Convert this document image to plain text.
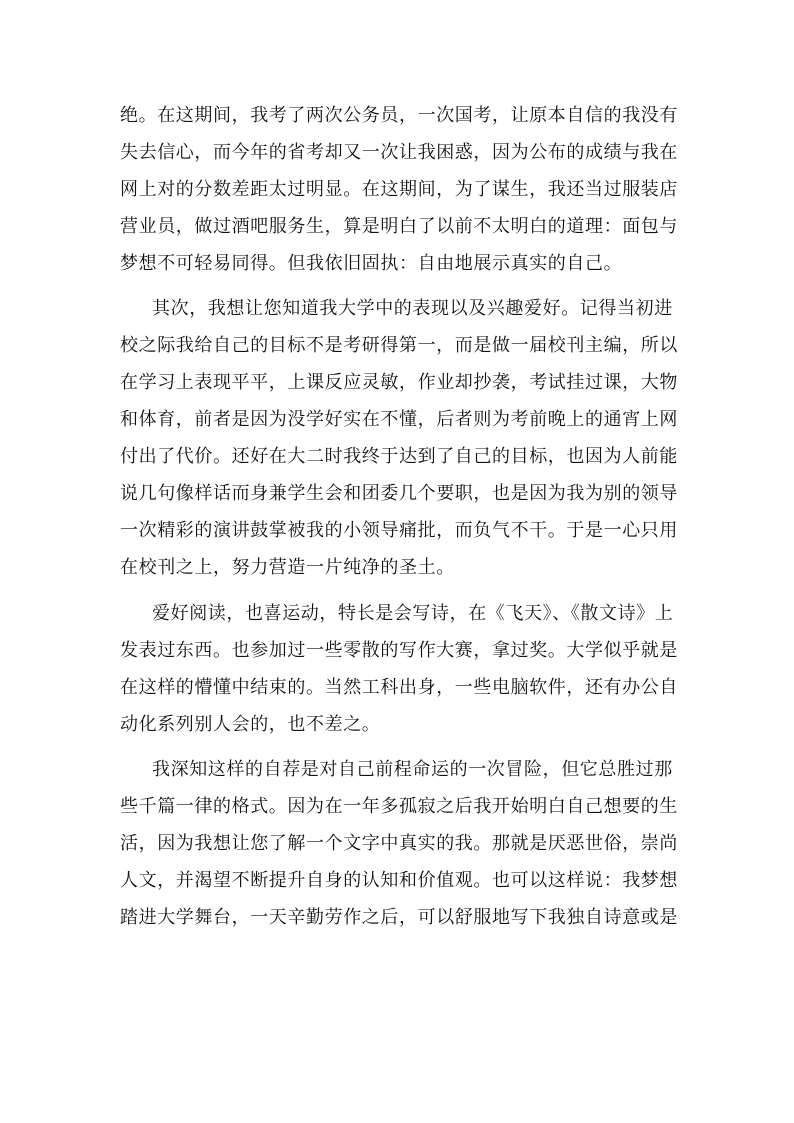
绝。在这期间，我考了两次公务员，一次国考，让原本自信的我没有
失去信心，而今年的省考却又一次让我困惑，因为公布的成绩与我在
网上对的分数差距太过明显。在这期间，为了谋生，我还当过服装店
营业员，做过酒吧服务生，算是明白了以前不太明白的道理：面包与
梦想不可轻易同得。但我依旧固执：自由地展示真实的自己。
其次，我想让您知道我大学中的表现以及兴趣爱好。记得当初进
校之际我给自己的目标不是考研得第一，而是做一届校刊主编，所以
在学习上表现平平，上课反应灵敏，作业却抄袭，考试挂过课，大物
和体育，前者是因为没学好实在不懂，后者则为考前晚上的通宵上网
付出了代价。还好在大二时我终于达到了自己的目标，也因为人前能
说几句像样话而身兼学生会和团委几个要职，也是因为我为别的领导
一次精彩的演讲鼓掌被我的小领导痛批，而负气不干。于是一心只用
在校刊之上，努力营造一片纯净的圣土。
爱好阅读，也喜运动，特长是会写诗，在《飞天》、《散文诗》上
发表过东西。也参加过一些零散的写作大赛，拿过奖。大学似乎就是
在这样的懵懂中结束的。当然工科出身，一些电脑软件，还有办公自
动化系列别人会的，也不差之。
我深知这样的自荐是对自己前程命运的一次冒险，但它总胜过那
些千篇一律的格式。因为在一年多孤寂之后我开始明白自己想要的生
活，因为我想让您了解一个文字中真实的我。那就是厌恶世俗，崇尚
人文，并渴望不断提升自身的认知和价值观。也可以这样说：我梦想
踏进大学舞台，一天辛勤劳作之后，可以舒服地写下我独自诗意或是
